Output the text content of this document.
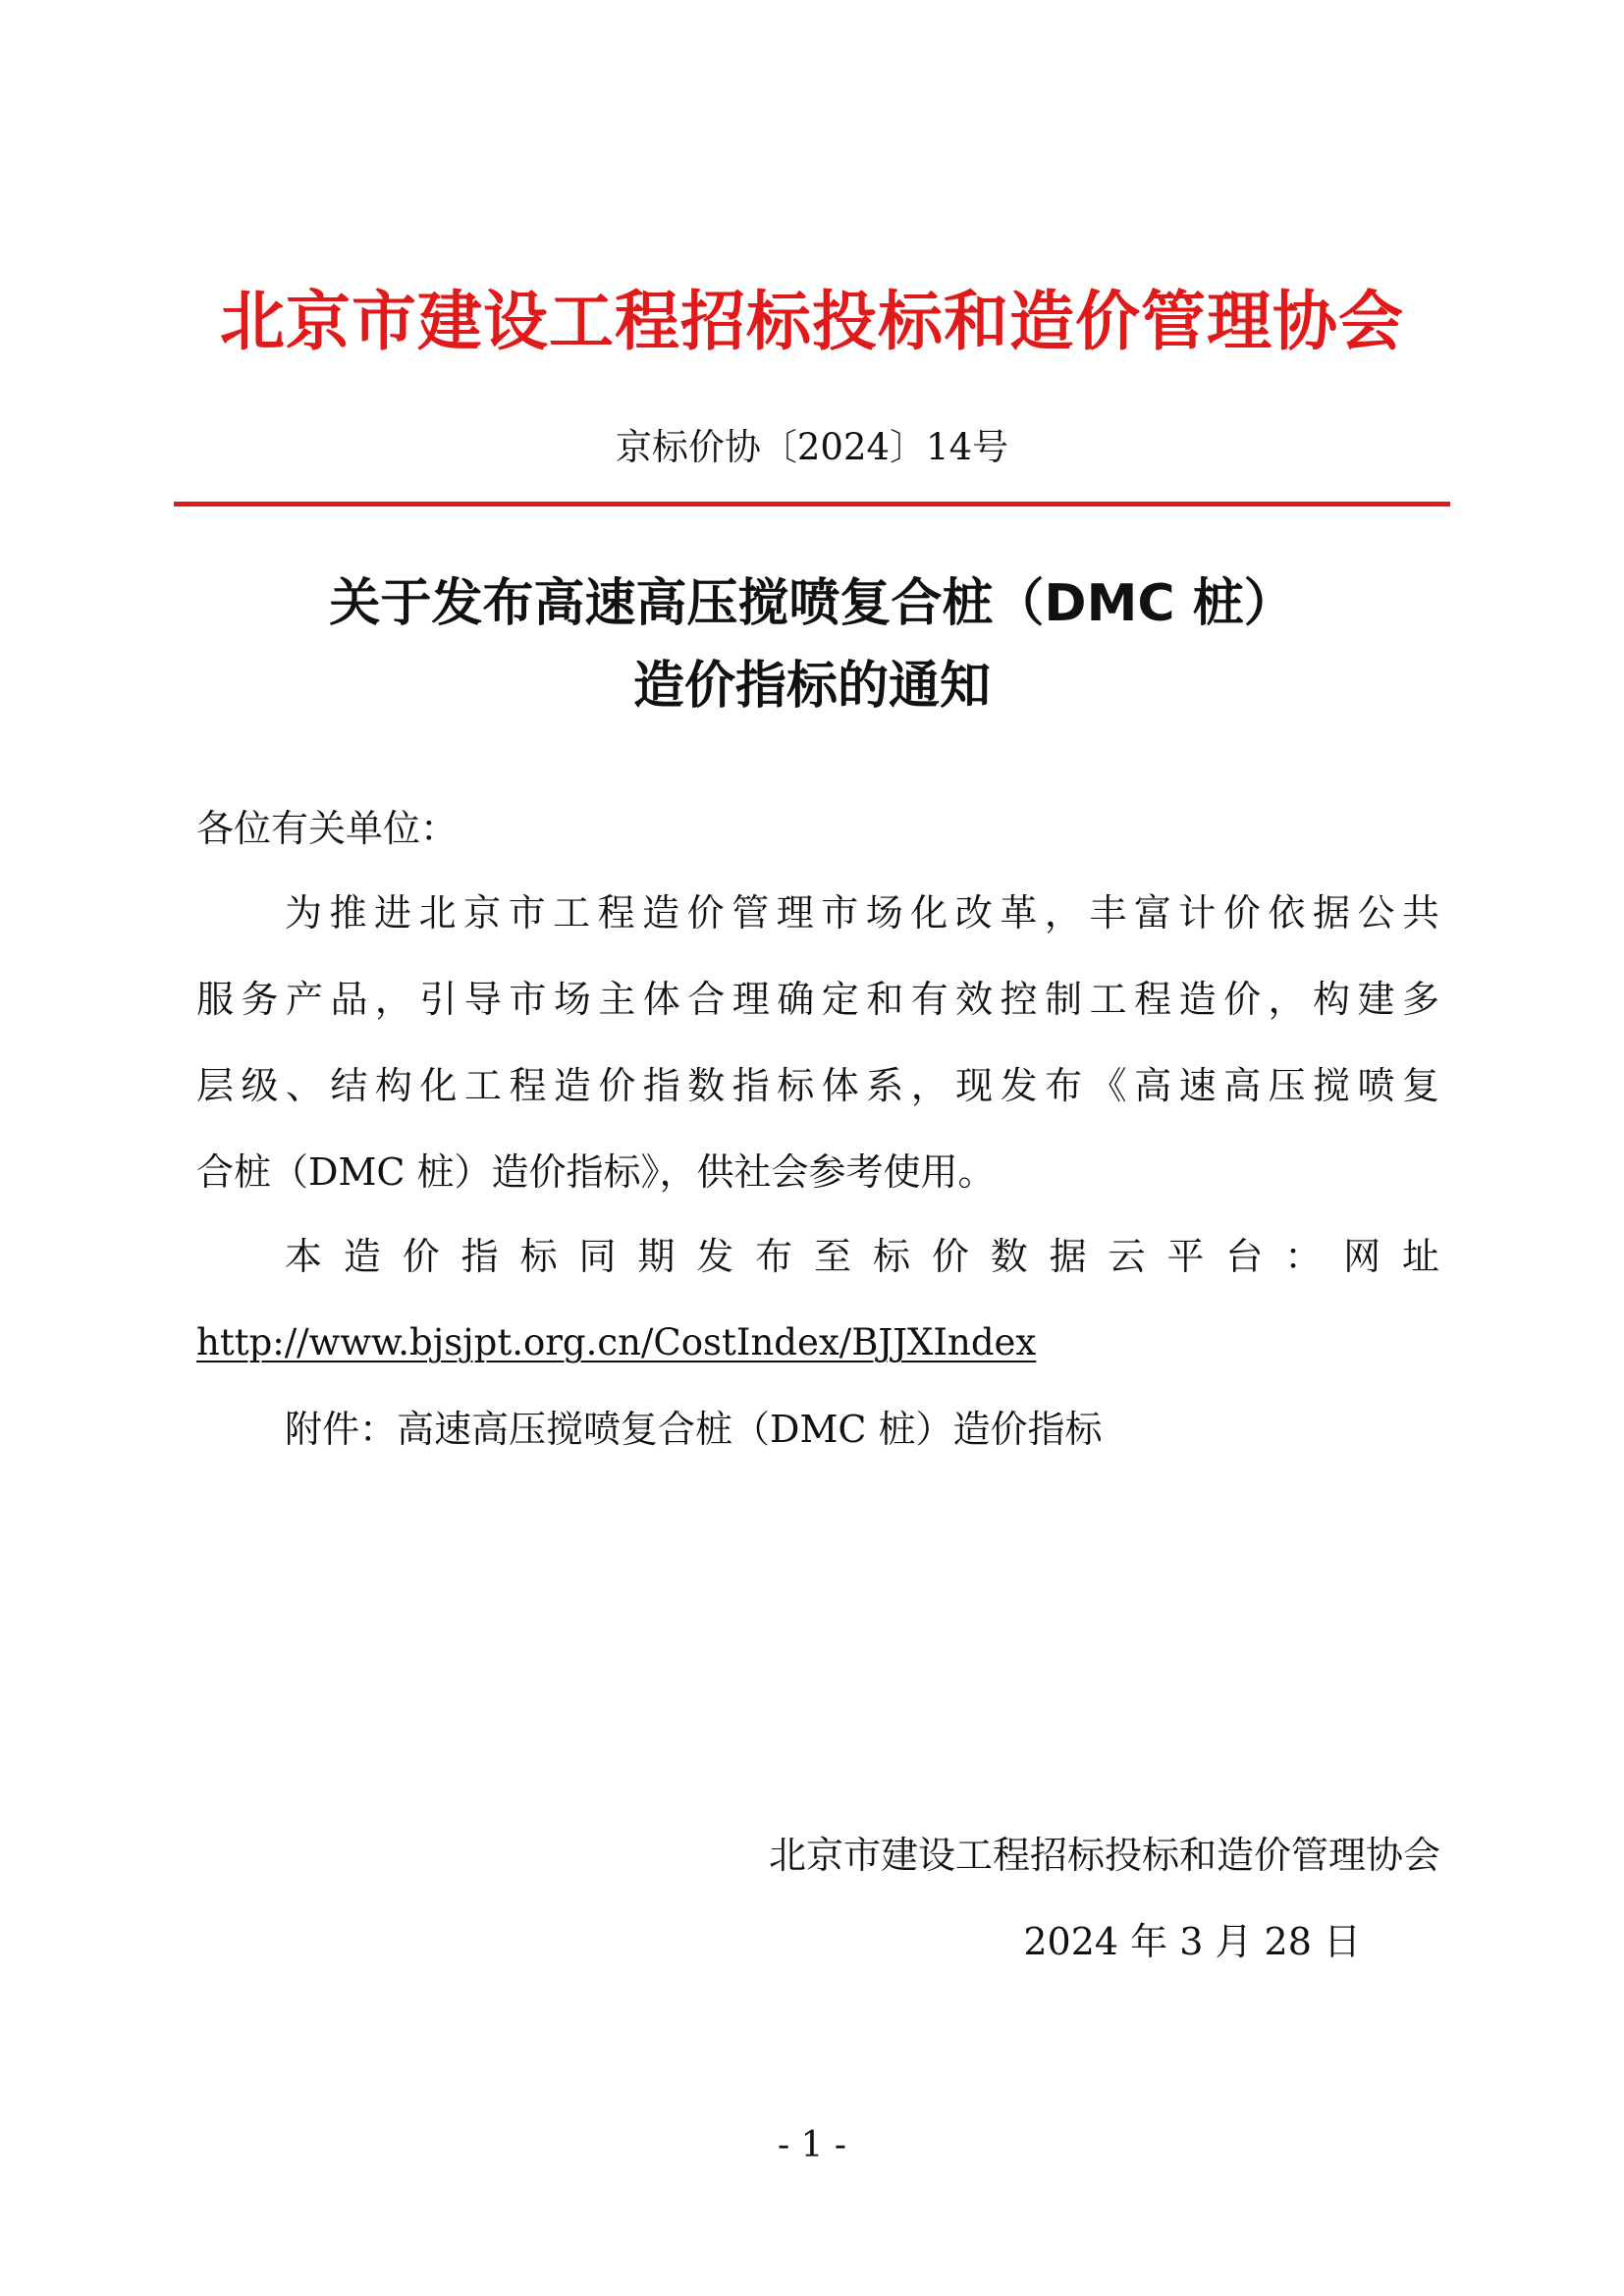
北京市建设工程招标投标和造价管理协会
京标价协〔2024〕14号
关于发布高速高压搅喷复合桩（DMC 桩）
造价指标的通知
各位有关单位：
为推进北京市工程造价管理市场化改革，丰富计价依据公共
服务产品，引导市场主体合理确定和有效控制工程造价，构建多
层级、结构化工程造价指数指标体系，现发布《高速高压搅喷复
合桩（DMC 桩）造价指标》，供社会参考使用。
本造价指标同期发布至标价数据云平台：网址
http://www.bjsjpt.org.cn/CostIndex/BJJXIndex
附件：高速高压搅喷复合桩（DMC 桩）造价指标
北京市建设工程招标投标和造价管理协会
2024 年 3 月 28 日
- 1 -
